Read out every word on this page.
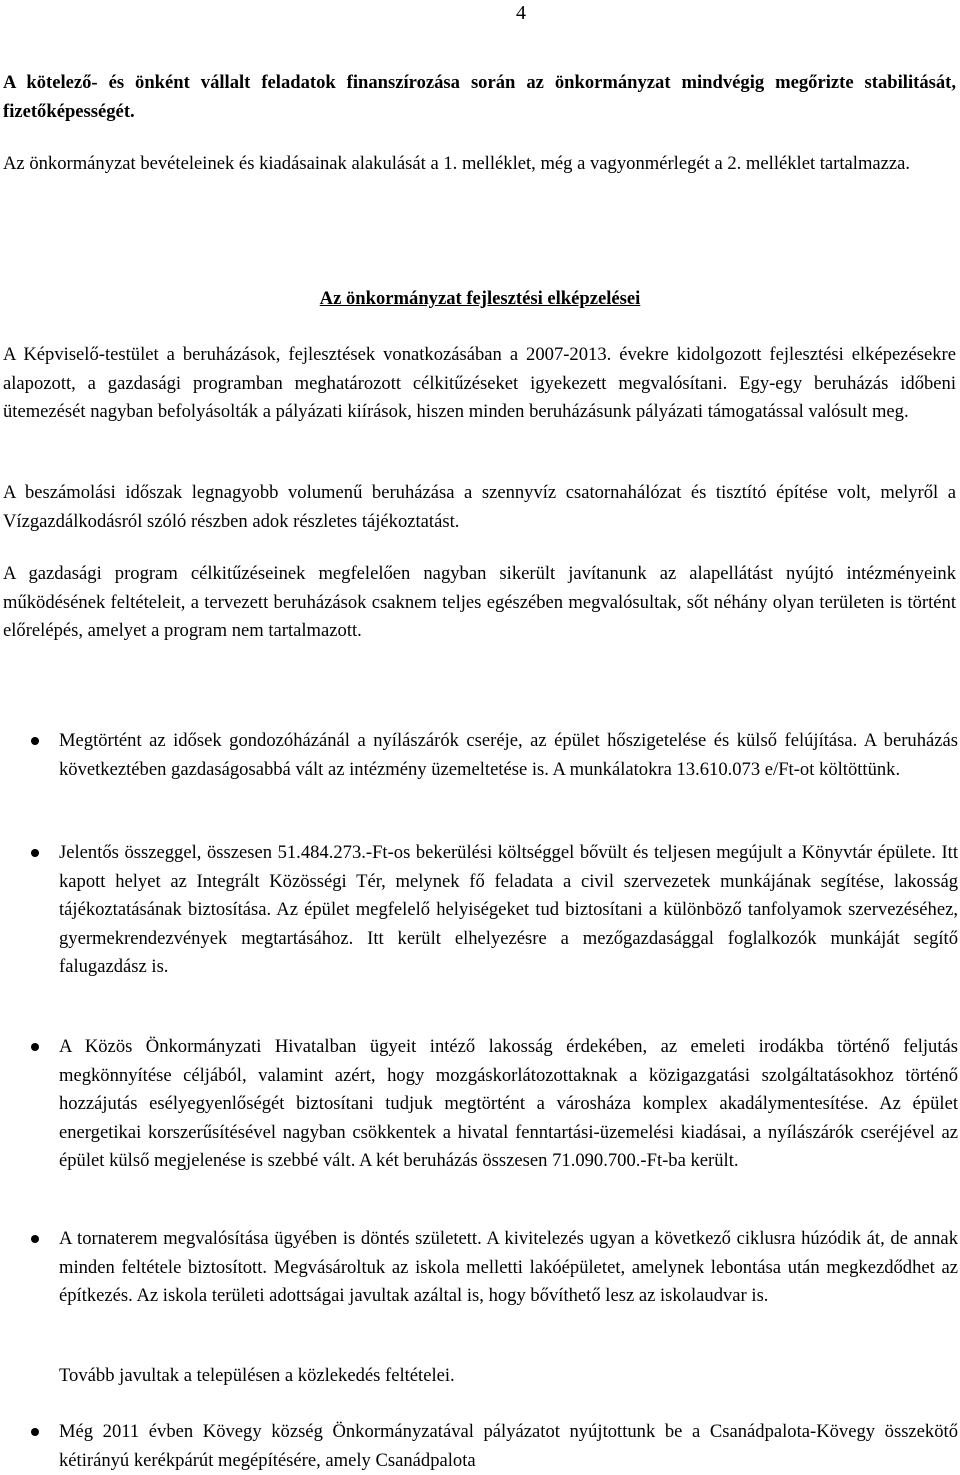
4

A kötelező- és önként vállalt feladatok finanszírozása során az önkormányzat mindvégig megőrizte stabilitását, fizetőképességét.

Az önkormányzat bevételeinek és kiadásainak alakulását a 1. melléklet, még a vagyonmérlegét a 2. melléklet tartalmazza.

Az önkormányzat fejlesztési elképzelései

A Képviselő-testület a beruházások, fejlesztések vonatkozásában a 2007-2013. évekre kidolgozott fejlesztési elképezésekre alapozott, a gazdasági programban meghatározott célkitűzéseket igyekezett megvalósítani. Egy-egy beruházás időbeni ütemezését nagyban befolyásolták a pályázati kiírások, hiszen minden beruházásunk pályázati támogatással valósult meg.

A beszámolási időszak legnagyobb volumenű beruházása a szennyvíz csatornahálózat és tisztító építése volt, melyről a Vízgazdálkodásról szóló részben adok részletes tájékoztatást.

A gazdasági program célkitűzéseinek megfelelően nagyban sikerült javítanunk az alapellátást nyújtó intézményeink működésének feltételeit, a tervezett beruházások csaknem teljes egészében megvalósultak, sőt néhány olyan területen is történt előrelépés, amelyet a program nem tartalmazott.

Megtörtént az idősek gondozóházánál a nyílászárók cseréje, az épület hőszigetelése és külső felújítása. A beruházás következtében gazdaságosabbá vált az intézmény üzemeltetése is. A munkálatokra 13.610.073 e/Ft-ot költöttünk.

Jelentős összeggel, összesen 51.484.273.-Ft-os bekerülési költséggel bővült és teljesen megújult a Könyvtár épülete. Itt kapott helyet az Integrált Közösségi Tér, melynek fő feladata a civil szervezetek munkájának segítése, lakosság tájékoztatásának biztosítása. Az épület megfelelő helyiségeket tud biztosítani a különböző tanfolyamok szervezéséhez, gyermekrendezvények megtartásához. Itt került elhelyezésre a mezőgazdasággal foglalkozók munkáját segítő falugazdász is.

A Közös Önkormányzati Hivatalban ügyeit intéző lakosság érdekében, az emeleti irodákba történő feljutás megkönnyítése céljából, valamint azért, hogy mozgáskorlátozottaknak a közigazgatási szolgáltatásokhoz történő hozzájutás esélyegyenlőségét biztosítani tudjuk megtörtént a városháza komplex akadálymentesítése. Az épület energetikai korszerűsítésével nagyban csökkentek a hivatal fenntartási-üzemelési kiadásai, a nyílászárók cseréjével az épület külső megjelenése is szebbé vált. A két beruházás összesen 71.090.700.-Ft-ba került.

A tornaterem megvalósítása ügyében is döntés született. A kivitelezés ugyan a következő ciklusra húzódik át, de annak minden feltétele biztosított. Megvásároltuk az iskola melletti lakóépületet, amelynek lebontása után megkezdődhet az építkezés. Az iskola területi adottságai javultak azáltal is, hogy bővíthető lesz az iskolaudvar is.

Tovább javultak a településen a közlekedés feltételei.

Még 2011 évben Kövegy község Önkormányzatával pályázatot nyújtottunk be a Csanádpalota-Kövegy összekötő kétirányú kerékpárút megépítésére, amely Csanádpalota
